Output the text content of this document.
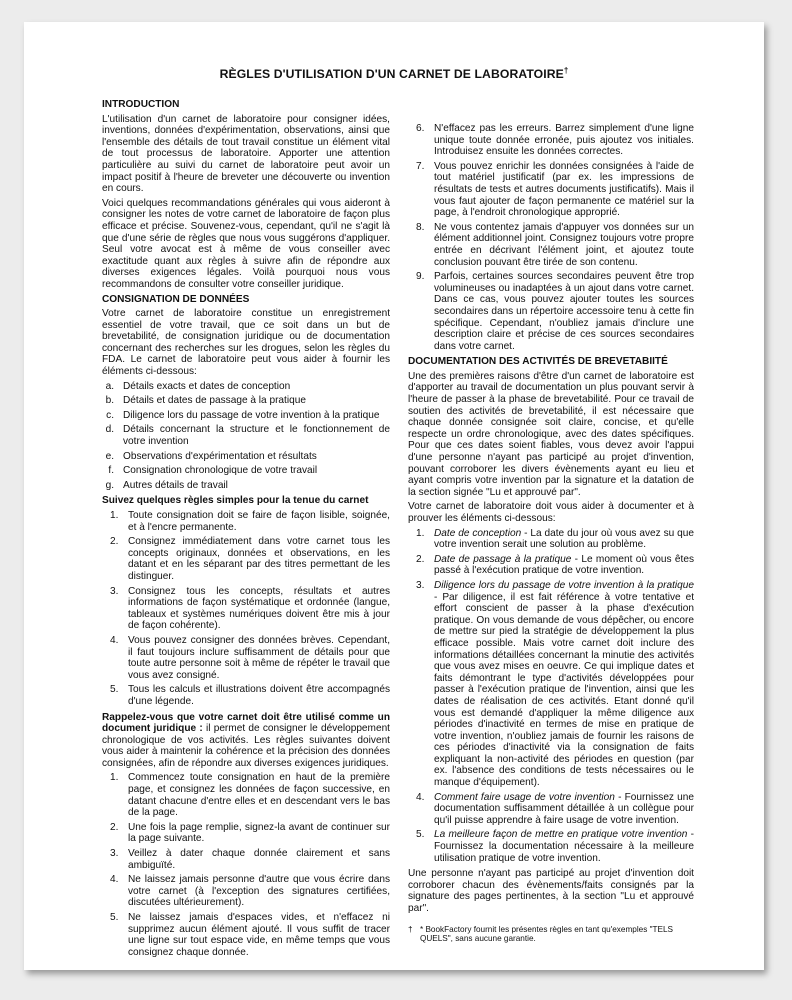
RÈGLES D'UTILISATION D'UN CARNET DE LABORATOIRE†
INTRODUCTION

L'utilisation d'un carnet de laboratoire pour consigner idées, inventions, données d'expérimentation, observations, ainsi que l'ensemble des détails de tout travail constitue un élément vital de tout processus de laboratoire. Apporter une attention particulière au suivi du carnet de laboratoire peut avoir un impact positif à l'heure de breveter une découverte ou invention en cours.

Voici quelques recommandations générales qui vous aideront à consigner les notes de votre carnet de laboratoire de façon plus efficace et précise. Souvenez-vous, cependant, qu'il ne s'agit là que d'une série de règles que nous vous suggérons d'appliquer. Seul votre avocat est à même de vous conseiller avec exactitude quant aux règles à suivre afin de répondre aux diverses exigences légales. Voilà pourquoi nous vous recommandons de consulter votre conseiller juridique.

CONSIGNATION DE DONNÉES

Votre carnet de laboratoire constitue un enregistrement essentiel de votre travail, que ce soit dans un but de brevetabilité, de consignation juridique ou de documentation concernant des recherches sur les drogues, selon les règles du FDA. Le carnet de laboratoire peut vous aider à fournir les éléments ci-dessous:

a. Détails exacts et dates de conception
b. Détails et dates de passage à la pratique
c. Diligence lors du passage de votre invention à la pratique
d. Détails concernant la structure et le fonctionnement de votre invention
e. Observations d'expérimentation et résultats
f. Consignation chronologique de votre travail
g. Autres détails de travail
Suivez quelques règles simples pour la tenue du carnet
1. Toute consignation doit se faire de façon lisible, soignée, et à l'encre permanente.
2. Consignez immédiatement dans votre carnet tous les concepts originaux, données et observations, en les datant et en les séparant par des titres permettant de les distinguer.
3. Consignez tous les concepts, résultats et autres informations de façon systématique et ordonnée (langue, tableaux et systèmes numériques doivent être mis à jour de façon cohérente).
4. Vous pouvez consigner des données brèves. Cependant, il faut toujours inclure suffisamment de détails pour que toute autre personne soit à même de répéter le travail que vous avez consigné.
5. Tous les calculs et illustrations doivent être accompagnés d'une légende.

Rappelez-vous que votre carnet doit être utilisé comme un document juridique : il permet de consigner le développement chronologique de vos activités. Les règles suivantes doivent vous aider à maintenir la cohérence et la précision des données consignées, afin de répondre aux diverses exigences juridiques.

1. Commencez toute consignation en haut de la première page, et consignez les données de façon successive, en datant chacune d'entre elles et en descendant vers le bas de la page.
2. Une fois la page remplie, signez-la avant de continuer sur la page suivante.
3. Veillez à dater chaque donnée clairement et sans ambiguïté.
4. Ne laissez jamais personne d'autre que vous écrire dans votre carnet (à l'exception des signatures certifiées, discutées ultérieurement).
5. Ne laissez jamais d'espaces vides, et n'effacez ni supprimez aucun élément ajouté. Il vous suffit de tracer une ligne sur tout espace vide, en même temps que vous consignez chaque donnée.
6. N'effacez pas les erreurs. Barrez simplement d'une ligne unique toute donnée erronée, puis ajoutez vos initiales. Introduisez ensuite les données correctes.
7. Vous pouvez enrichir les données consignées à l'aide de tout matériel justificatif (par ex. les impressions de résultats de tests et autres documents justificatifs). Mais il vous faut ajouter de façon permanente ce matériel sur la page, à l'endroit chronologique approprié.
8. Ne vous contentez jamais d'appuyer vos données sur un élément additionnel joint. Consignez toujours votre propre entrée en décrivant l'élément joint, et ajoutez toute conclusion pouvant être tirée de son contenu.
9. Parfois, certaines sources secondaires peuvent être trop volumineuses ou inadaptées à un ajout dans votre carnet. Dans ce cas, vous pouvez ajouter toutes les sources secondaires dans un répertoire accessoire tenu à cette fin spécifique. Cependant, n'oubliez jamais d'inclure une description claire et précise de ces sources secondaires dans votre carnet.
DOCUMENTATION DES ACTIVITÉS DE BREVETABIITÉ

Une des premières raisons d'être d'un carnet de laboratoire est d'apporter au travail de documentation un plus pouvant servir à l'heure de passer à la phase de brevetabilité. Pour ce travail de soutien des activités de brevetabilité, il est nécessaire que chaque donnée consignée soit claire, concise, et qu'elle respecte un ordre chronologique, avec des dates spécifiques. Pour que ces dates soient fiables, vous devez avoir l'appui d'une personne n'ayant pas participé au projet d'invention, pouvant corroborer les divers évènements ayant eu lieu et ayant compris votre invention par la signature et la datation de la section signée "Lu et approuvé par".

Votre carnet de laboratoire doit vous aider à documenter et à prouver les éléments ci-dessous:

1. Date de conception - La date du jour où vous avez su que votre invention serait une solution au problème.
2. Date de passage à la pratique - Le moment où vous êtes passé à l'exécution pratique de votre invention.
3. Diligence lors du passage de votre invention à la pratique - Par diligence, il est fait référence à votre tentative et effort conscient de passer à la phase d'exécution pratique. On vous demande de vous dépêcher, ou encore de mettre sur pied la stratégie de développement la plus efficace possible. Mais votre carnet doit inclure des informations détaillées concernant la minutie des activités que vous avez mises en oeuvre. Ce qui implique dates et faits démontrant le type d'activités développées pour passer à l'exécution pratique de l'invention, ainsi que les dates de réalisation de ces activités. Etant donné qu'il vous est demandé d'appliquer la même diligence aux périodes d'inactivité en termes de mise en pratique de votre invention, n'oubliez jamais de fournir les raisons de ces périodes d'inactivité via la consignation de faits expliquant la non-activité des périodes en question (par ex. l'absence des conditions de tests nécessaires ou le manque d'équipement).
4. Comment faire usage de votre invention - Fournissez une documentation suffisamment détaillée à un collègue pour qu'il puisse apprendre à faire usage de votre invention.
5. La meilleure façon de mettre en pratique votre invention - Fournissez la documentation nécessaire à la meilleure utilisation pratique de votre invention.

Une personne n'ayant pas participé au projet d'invention doit corroborer chacun des évènements/faits consignés par la signature des pages pertinentes, à la section "Lu et approuvé par".

† * BookFactory fournit les présentes règles en tant qu'exemples "TELS QUELS", sans aucune garantie.
